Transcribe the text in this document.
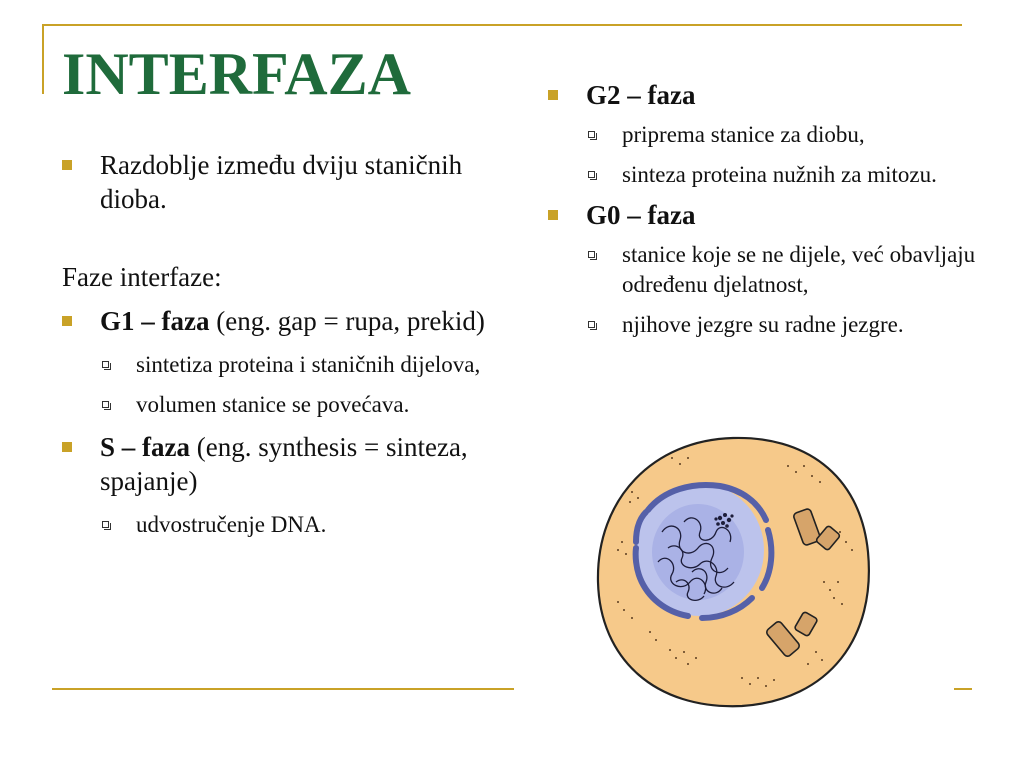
INTERFAZA
Razdoblje između dviju staničnih dioba.
Faze interfaze:
G1 – faza (eng. gap = rupa, prekid)
sintetiza proteina i staničnih dijelova,
volumen stanice se povećava.
S – faza (eng. synthesis = sinteza, spajanje)
udvostručenje DNA.
G2 – faza
priprema stanice za diobu,
sinteza proteina nužnih za mitozu.
G0 – faza
stanice koje se ne dijele, već obavljaju određenu djelatnost,
njihove jezgre su radne jezgre.
